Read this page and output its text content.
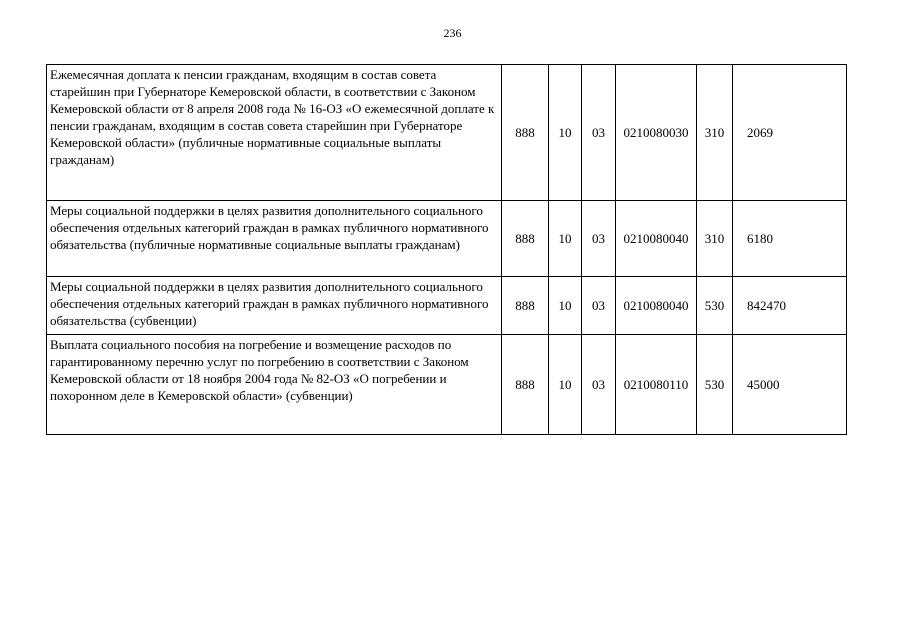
236
Ежемесячная доплата к пенсии гражданам, входящим в состав совета старейшин при Губернаторе Кемеровской области, в соответствии с Законом Кемеровской области от 8 апреля 2008 года № 16-ОЗ «О ежемесячной доплате к пенсии гражданам, входящим в состав совета старейшин при Губернаторе Кемеровской области» (публичные нормативные социальные выплаты гражданам)	888	10	03	0210080030	310	2069
Меры социальной поддержки в целях развития дополнительного социального обеспечения отдельных категорий граждан в рамках публичного нормативного обязательства (публичные нормативные социальные выплаты гражданам)	888	10	03	0210080040	310	6180
Меры социальной поддержки в целях развития дополнительного социального обеспечения отдельных категорий граждан в рамках публичного нормативного обязательства (субвенции)	888	10	03	0210080040	530	842470
Выплата социального пособия на погребение и возмещение расходов по гарантированному перечню услуг по погребению в соответствии с Законом Кемеровской области от 18 ноября 2004 года № 82-ОЗ «О погребении и похоронном деле в Кемеровской области» (субвенции)	888	10	03	0210080110	530	45000
